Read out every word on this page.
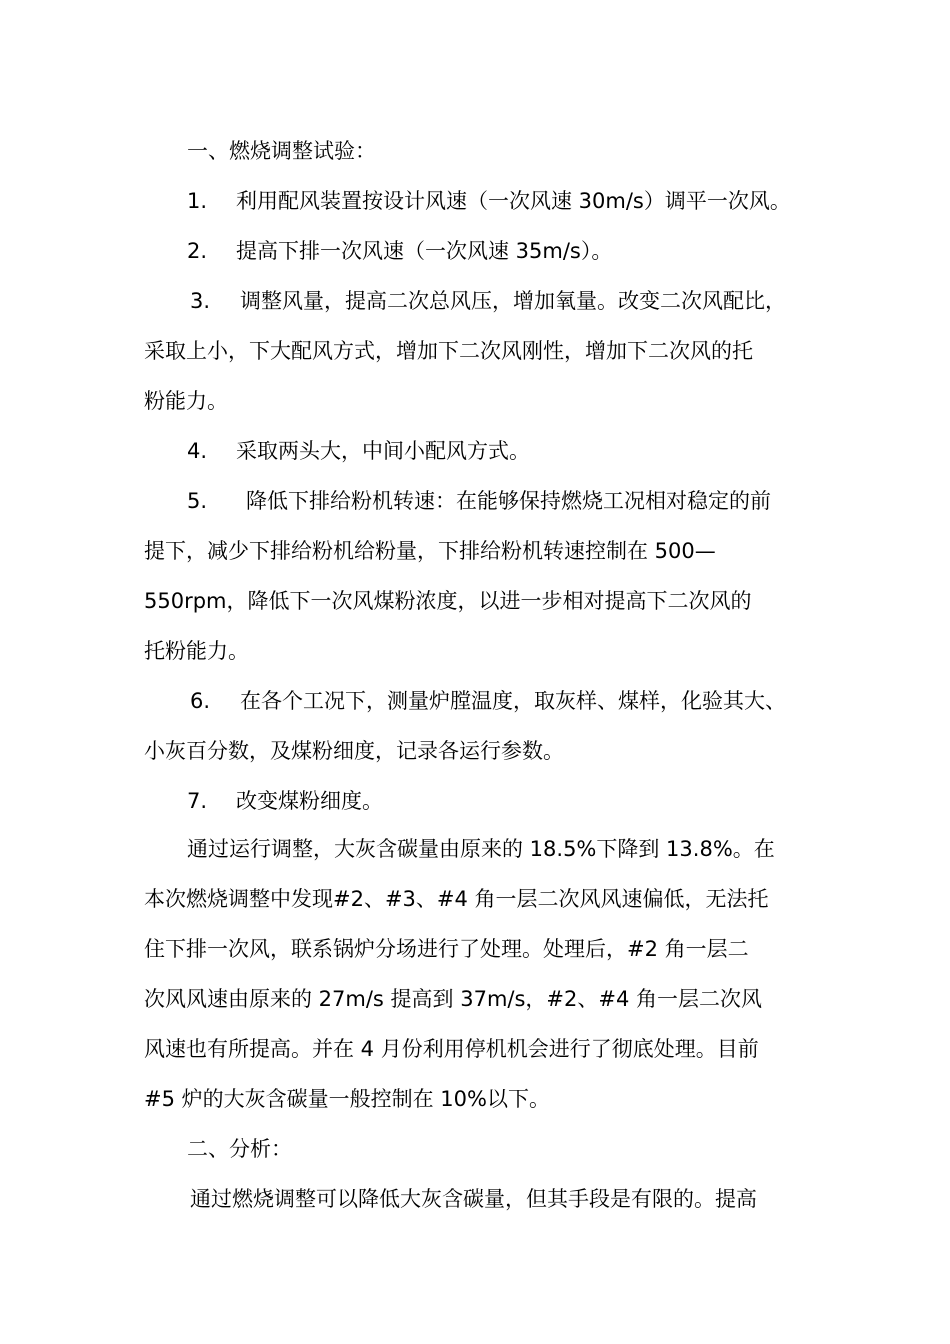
一、燃烧调整试验：
1. 利用配风装置按设计风速（一次风速 30m/s）调平一次风。
2. 提高下排一次风速（一次风速 35m/s）。
3. 调整风量，提高二次总风压，增加氧量。改变二次风配比，
采取上小，下大配风方式，增加下二次风刚性，增加下二次风的托
粉能力。
4. 采取两头大，中间小配风方式。
5. 降低下排给粉机转速：在能够保持燃烧工况相对稳定的前
提下，减少下排给粉机给粉量，下排给粉机转速控制在 500—
550rpm，降低下一次风煤粉浓度，以进一步相对提高下二次风的
托粉能力。
6. 在各个工况下，测量炉膛温度，取灰样、煤样，化验其大、
小灰百分数，及煤粉细度，记录各运行参数。
7. 改变煤粉细度。
通过运行调整，大灰含碳量由原来的 18.5%下降到 13.8%。在
本次燃烧调整中发现#2、#3、#4 角一层二次风风速偏低，无法托
住下排一次风，联系锅炉分场进行了处理。处理后，#2 角一层二
次风风速由原来的 27m/s 提高到 37m/s，#2、#4 角一层二次风
风速也有所提高。并在 4 月份利用停机机会进行了彻底处理。目前
#5 炉的大灰含碳量一般控制在 10%以下。
二、分析：
通过燃烧调整可以降低大灰含碳量，但其手段是有限的。提高
